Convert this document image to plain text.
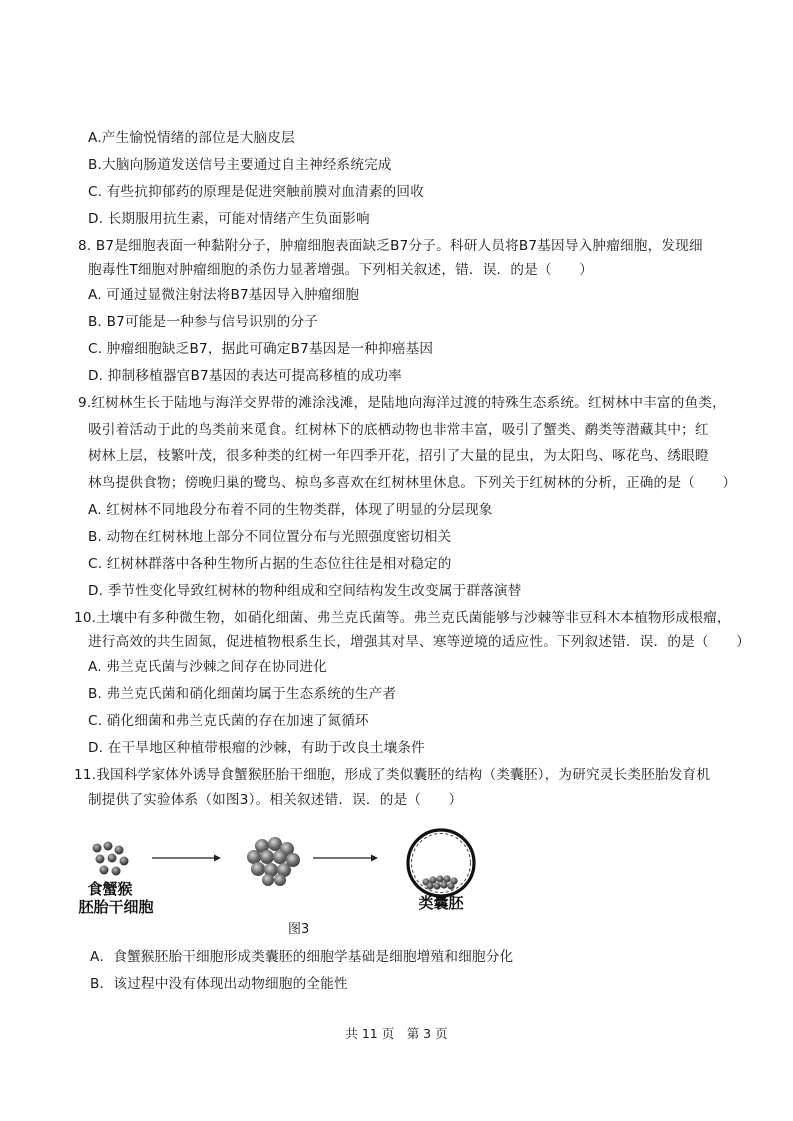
A.产生愉悦情绪的部位是大脑皮层
B.大脑向肠道发送信号主要通过自主神经系统完成
C. 有些抗抑郁药的原理是促进突触前膜对血清素的回收
D. 长期服用抗生素，可能对情绪产生负面影响
8. B7是细胞表面一种黏附分子，肿瘤细胞表面缺乏B7分子。科研人员将B7基因导入肿瘤细胞，发现细
胞毒性T细胞对肿瘤细胞的杀伤力显著增强。下列相关叙述，错．误．的是（　　）
A. 可通过显微注射法将B7基因导入肿瘤细胞
B. B7可能是一种参与信号识别的分子
C. 肿瘤细胞缺乏B7，据此可确定B7基因是一种抑癌基因
D. 抑制移植器官B7基因的表达可提高移植的成功率
9.红树林生长于陆地与海洋交界带的滩涂浅滩，是陆地向海洋过渡的特殊生态系统。红树林中丰富的鱼类，
吸引着活动于此的鸟类前来觅食。红树林下的底栖动物也非常丰富，吸引了蟹类、鹬类等潜藏其中；红
树林上层，枝繁叶茂，很多种类的红树一年四季开花，招引了大量的昆虫，为太阳鸟、啄花鸟、绣眼瞪
林鸟提供食物；傍晚归巢的鹭鸟、椋鸟多喜欢在红树林里休息。下列关于红树林的分析，正确的是（　　）
A. 红树林不同地段分布着不同的生物类群，体现了明显的分层现象
B. 动物在红树林地上部分不同位置分布与光照强度密切相关
C. 红树林群落中各种生物所占据的生态位往往是相对稳定的
D. 季节性变化导致红树林的物种组成和空间结构发生改变属于群落演替
10.土壤中有多种微生物，如硝化细菌、弗兰克氏菌等。弗兰克氏菌能够与沙棘等非豆科木本植物形成根瘤，
进行高效的共生固氮，促进植物根系生长，增强其对旱、寒等逆境的适应性。下列叙述错．误．的是（　　）
A. 弗兰克氏菌与沙棘之间存在协同进化
B. 弗兰克氏菌和硝化细菌均属于生态系统的生产者
C. 硝化细菌和弗兰克氏菌的存在加速了氮循环
D. 在干旱地区种植带根瘤的沙棘，有助于改良土壤条件
11.我国科学家体外诱导食蟹猴胚胎干细胞，形成了类似囊胚的结构（类囊胚），为研究灵长类胚胎发育机
制提供了实验体系（如图3）。相关叙述错．误．的是（　　）
食蟹猴
胚胎干细胞	类囊胚
图3
A．食蟹猴胚胎干细胞形成类囊胚的细胞学基础是细胞增殖和细胞分化
B．该过程中没有体现出动物细胞的全能性
共 11 页　第 3 页
